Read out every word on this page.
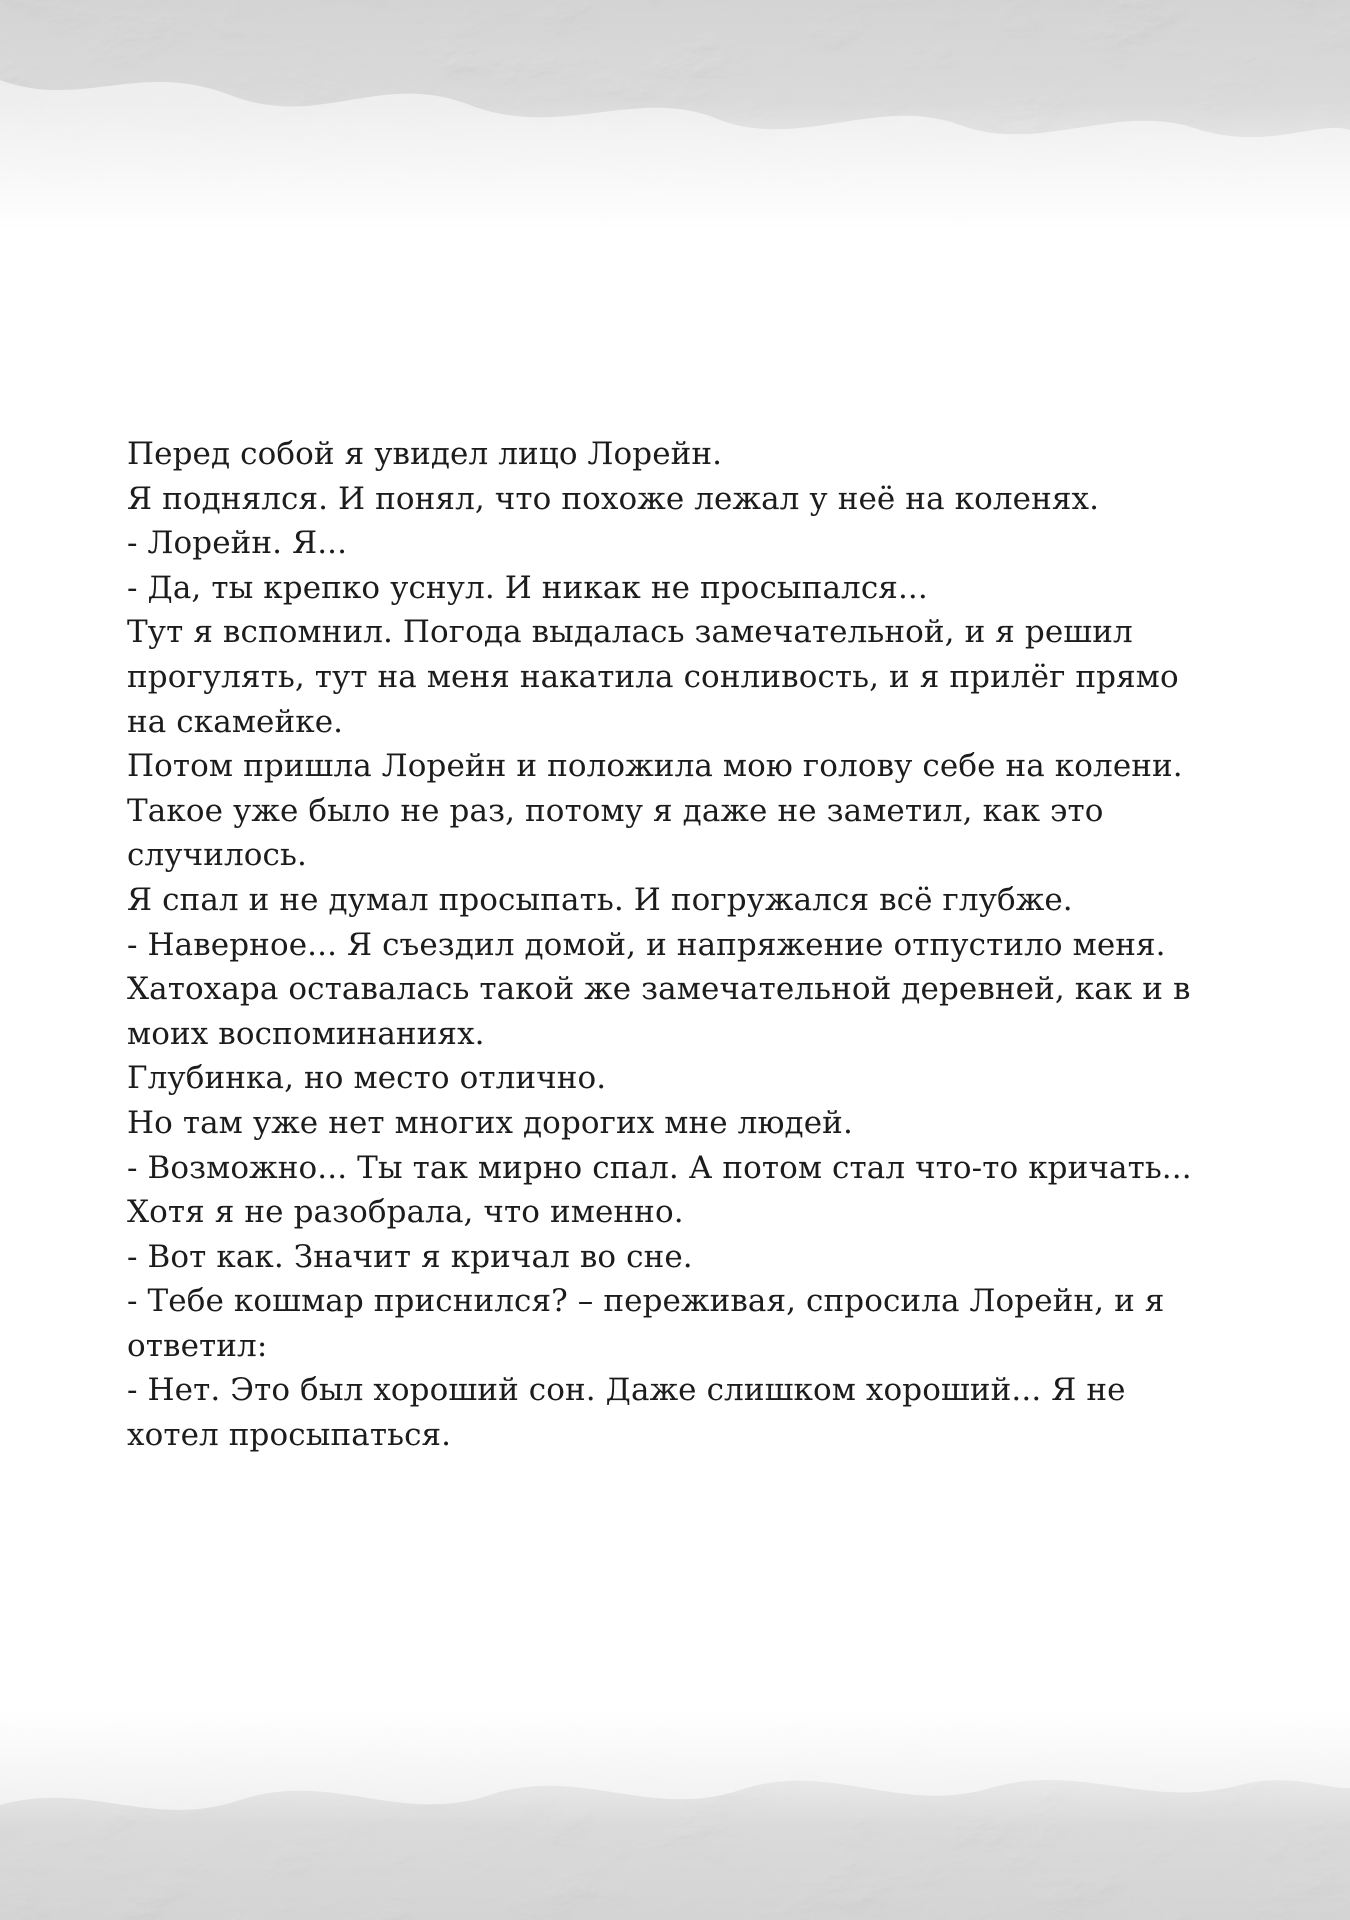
Перед собой я увидел лицо Лорейн.
Я поднялся. И понял, что похоже лежал у неё на коленях.
- Лорейн. Я...
- Да, ты крепко уснул. И никак не просыпался...
Тут я вспомнил. Погода выдалась замечательной, и я решил
прогулять, тут на меня накатила сонливость, и я прилёг прямо
на скамейке.
Потом пришла Лорейн и положила мою голову себе на колени.
Такое уже было не раз, потому я даже не заметил, как это
случилось.
Я спал и не думал просыпать. И погружался всё глубже.
- Наверное... Я съездил домой, и напряжение отпустило меня.
Хатохара оставалась такой же замечательной деревней, как и в
моих воспоминаниях.
Глубинка, но место отлично.
Но там уже нет многих дорогих мне людей.
- Возможно... Ты так мирно спал. А потом стал что-то кричать...
Хотя я не разобрала, что именно.
- Вот как. Значит я кричал во сне.
- Тебе кошмар приснился? – переживая, спросила Лорейн, и я
ответил:
- Нет. Это был хороший сон. Даже слишком хороший... Я не
хотел просыпаться.
